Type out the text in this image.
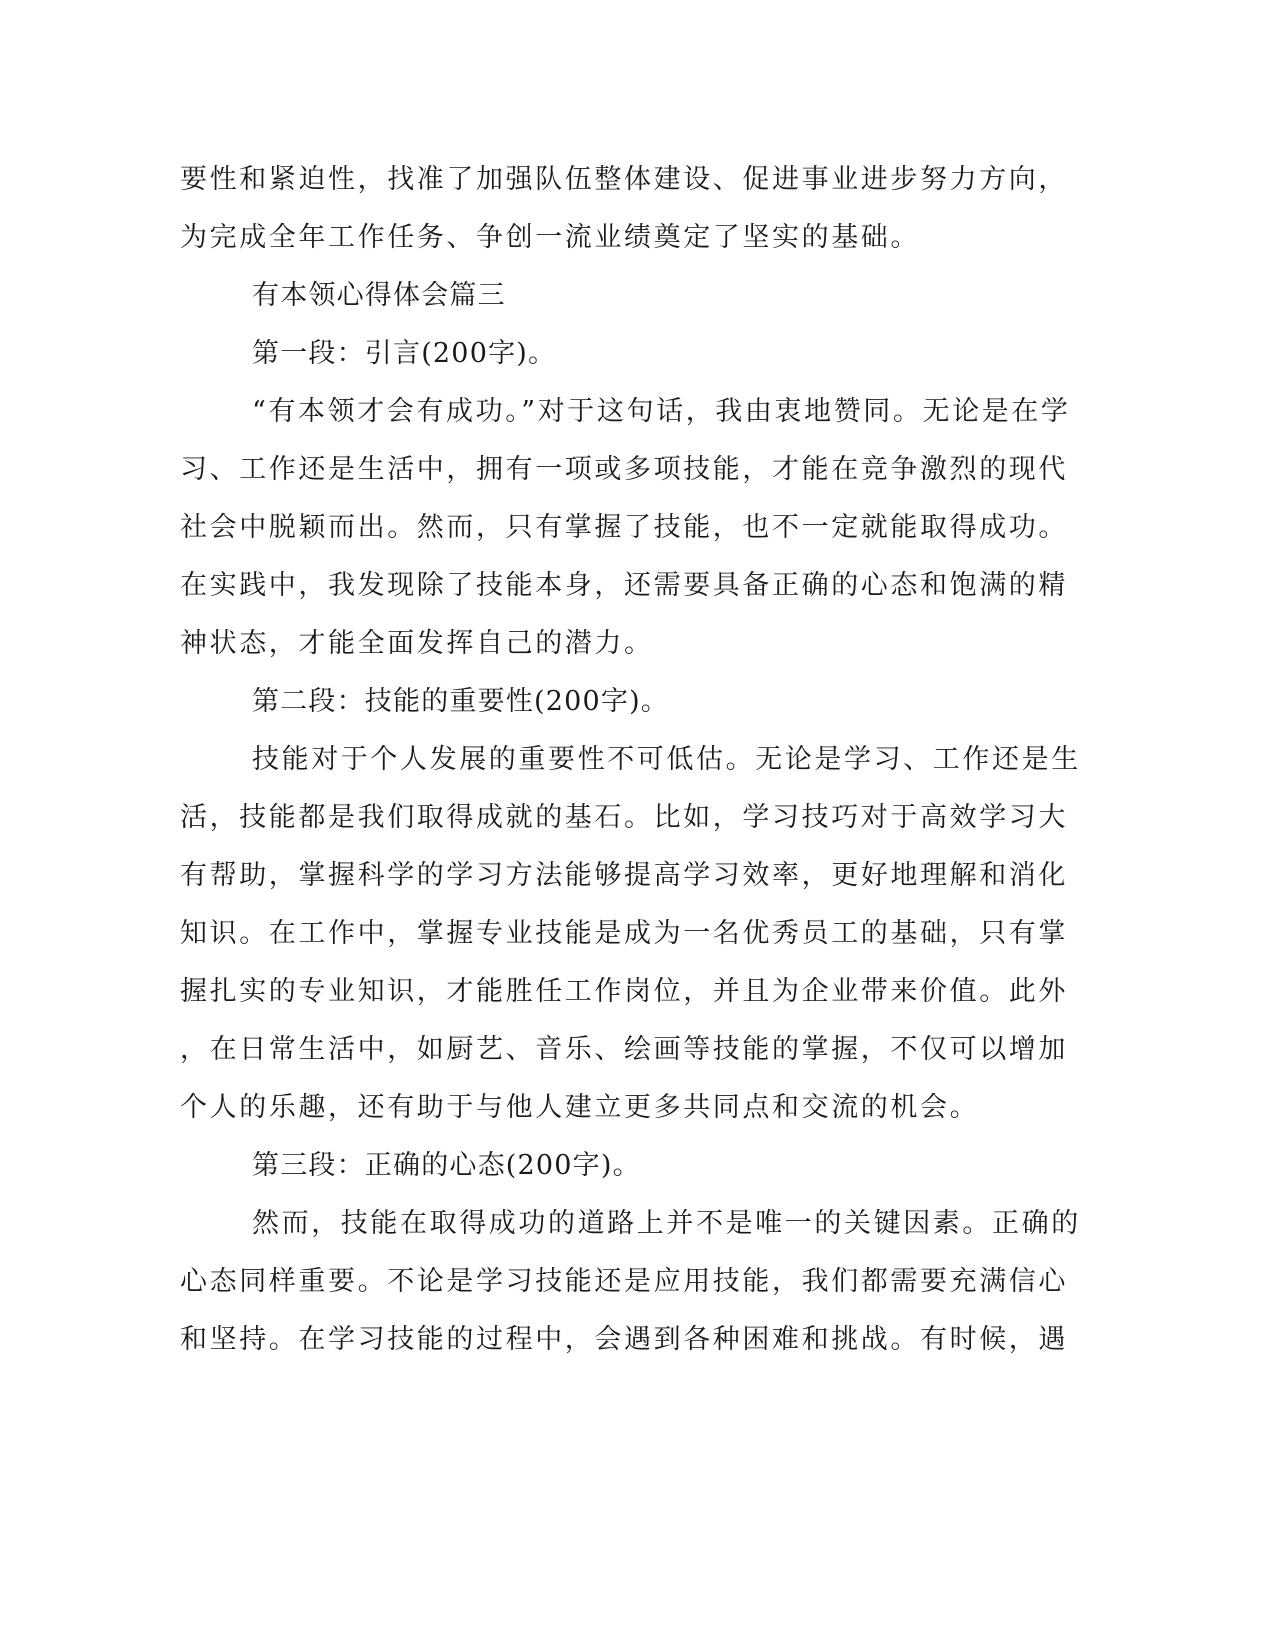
要性和紧迫性，找准了加强队伍整体建设、促进事业进步努力方向，
为完成全年工作任务、争创一流业绩奠定了坚实的基础。
有本领心得体会篇三
第一段：引言(200字)。
“有本领才会有成功。”对于这句话，我由衷地赞同。无论是在学
习、工作还是生活中，拥有一项或多项技能，才能在竞争激烈的现代
社会中脱颖而出。然而，只有掌握了技能，也不一定就能取得成功。
在实践中，我发现除了技能本身，还需要具备正确的心态和饱满的精
神状态，才能全面发挥自己的潜力。
第二段：技能的重要性(200字)。
技能对于个人发展的重要性不可低估。无论是学习、工作还是生
活，技能都是我们取得成就的基石。比如，学习技巧对于高效学习大
有帮助，掌握科学的学习方法能够提高学习效率，更好地理解和消化
知识。在工作中，掌握专业技能是成为一名优秀员工的基础，只有掌
握扎实的专业知识，才能胜任工作岗位，并且为企业带来价值。此外
，在日常生活中，如厨艺、音乐、绘画等技能的掌握，不仅可以增加
个人的乐趣，还有助于与他人建立更多共同点和交流的机会。
第三段：正确的心态(200字)。
然而，技能在取得成功的道路上并不是唯一的关键因素。正确的
心态同样重要。不论是学习技能还是应用技能，我们都需要充满信心
和坚持。在学习技能的过程中，会遇到各种困难和挑战。有时候，遇
